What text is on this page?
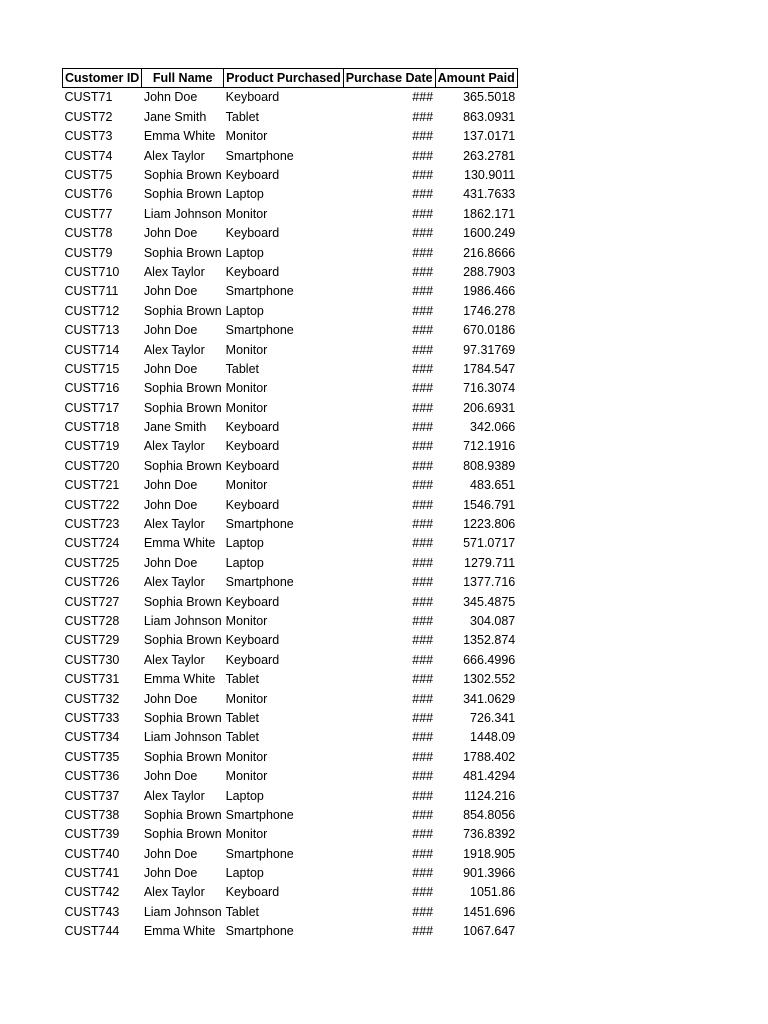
Customer ID	Full Name	Product Purchased	Purchase Date	Amount Paid
CUST71	John Doe	Keyboard	###	365.5018
CUST72	Jane Smith	Tablet	###	863.0931
CUST73	Emma White	Monitor	###	137.0171
CUST74	Alex Taylor	Smartphone	###	263.2781
CUST75	Sophia Brown	Keyboard	###	130.9011
CUST76	Sophia Brown	Laptop	###	431.7633
CUST77	Liam Johnson	Monitor	###	1862.171
CUST78	John Doe	Keyboard	###	1600.249
CUST79	Sophia Brown	Laptop	###	216.8666
CUST710	Alex Taylor	Keyboard	###	288.7903
CUST711	John Doe	Smartphone	###	1986.466
CUST712	Sophia Brown	Laptop	###	1746.278
CUST713	John Doe	Smartphone	###	670.0186
CUST714	Alex Taylor	Monitor	###	97.31769
CUST715	John Doe	Tablet	###	1784.547
CUST716	Sophia Brown	Monitor	###	716.3074
CUST717	Sophia Brown	Monitor	###	206.6931
CUST718	Jane Smith	Keyboard	###	342.066
CUST719	Alex Taylor	Keyboard	###	712.1916
CUST720	Sophia Brown	Keyboard	###	808.9389
CUST721	John Doe	Monitor	###	483.651
CUST722	John Doe	Keyboard	###	1546.791
CUST723	Alex Taylor	Smartphone	###	1223.806
CUST724	Emma White	Laptop	###	571.0717
CUST725	John Doe	Laptop	###	1279.711
CUST726	Alex Taylor	Smartphone	###	1377.716
CUST727	Sophia Brown	Keyboard	###	345.4875
CUST728	Liam Johnson	Monitor	###	304.087
CUST729	Sophia Brown	Keyboard	###	1352.874
CUST730	Alex Taylor	Keyboard	###	666.4996
CUST731	Emma White	Tablet	###	1302.552
CUST732	John Doe	Monitor	###	341.0629
CUST733	Sophia Brown	Tablet	###	726.341
CUST734	Liam Johnson	Tablet	###	1448.09
CUST735	Sophia Brown	Monitor	###	1788.402
CUST736	John Doe	Monitor	###	481.4294
CUST737	Alex Taylor	Laptop	###	1124.216
CUST738	Sophia Brown	Smartphone	###	854.8056
CUST739	Sophia Brown	Monitor	###	736.8392
CUST740	John Doe	Smartphone	###	1918.905
CUST741	John Doe	Laptop	###	901.3966
CUST742	Alex Taylor	Keyboard	###	1051.86
CUST743	Liam Johnson	Tablet	###	1451.696
CUST744	Emma White	Smartphone	###	1067.647
